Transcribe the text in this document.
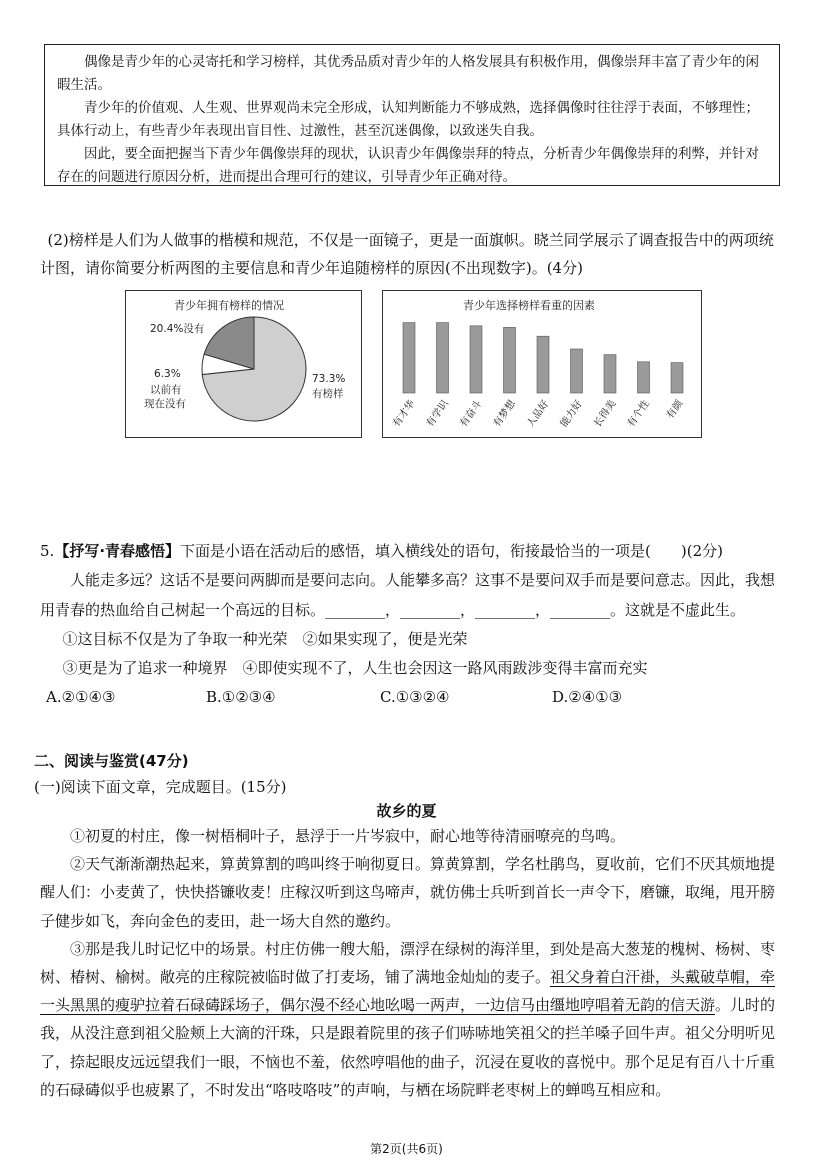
偶像是青少年的心灵寄托和学习榜样，其优秀品质对青少年的人格发展具有积极作用，偶像崇拜丰富了青少年的闲暇生活。

青少年的价值观、人生观、世界观尚未完全形成，认知判断能力不够成熟，选择偶像时往往浮于表面，不够理性；具体行动上，有些青少年表现出盲目性、过激性，甚至沉迷偶像，以致迷失自我。

因此，要全面把握当下青少年偶像崇拜的现状，认识青少年偶像崇拜的特点，分析青少年偶像崇拜的利弊，并针对存在的问题进行原因分析，进而提出合理可行的建议，引导青少年正确对待。

(2)榜样是人们为人做事的楷模和规范，不仅是一面镜子，更是一面旗帜。晓兰同学展示了调查报告中的两项统计图，请你简要分析两图的主要信息和青少年追随榜样的原因(不出现数字)。(4分)

青少年拥有榜样的情况
20.4%没有
6.3%
以前有
现在没有
73.3%
有榜样
青少年选择榜样看重的因素
有才华 有学识 有奋斗 有梦想 人品好 能力好 长得美 有个性 有颜

5.【抒写·青春感悟】下面是小语在活动后的感悟，填入横线处的语句，衔接最恰当的一项是(　　)(2分)

人能走多远？这话不是要问两脚而是要问志向。人能攀多高？这事不是要问双手而是要问意志。因此，我想用青春的热血给自己树起一个高远的目标。________，________，________，________。这就是不虚此生。

①这目标不仅是为了争取一种光荣　②如果实现了，便是光荣

③更是为了追求一种境界　④即使实现不了，人生也会因这一路风雨跋涉变得丰富而充实

A.②①④③	B.①②③④	C.①③②④	D.②④①③

二、阅读与鉴赏(47分)

(一)阅读下面文章，完成题目。(15分)

故乡的夏

①初夏的村庄，像一树梧桐叶子，悬浮于一片岑寂中，耐心地等待清丽嘹亮的鸟鸣。

②天气渐渐潮热起来，算黄算割的鸣叫终于响彻夏日。算黄算割，学名杜鹃鸟，夏收前，它们不厌其烦地提醒人们：小麦黄了，快快搭镰收麦！庄稼汉听到这鸟啼声，就仿佛士兵听到首长一声令下，磨镰，取绳，甩开膀子健步如飞，奔向金色的麦田，赴一场大自然的邀约。

③那是我儿时记忆中的场景。村庄仿佛一艘大船，漂浮在绿树的海洋里，到处是高大葱茏的槐树、杨树、枣树、椿树、榆树。敞亮的庄稼院被临时做了打麦场，铺了满地金灿灿的麦子。祖父身着白汗褂，头戴破草帽，牵一头黑黑的瘦驴拉着石碌碡踩场子，偶尔漫不经心地吆喝一两声，一边信马由缰地哼唱着无韵的信天游。儿时的我，从没注意到祖父脸颊上大滴的汗珠，只是跟着院里的孩子们哧哧地笑祖父的拦羊嗓子回牛声。祖父分明听见了，捺起眼皮远远望我们一眼，不恼也不羞，依然哼唱他的曲子，沉浸在夏收的喜悦中。那个足足有百八十斤重的石碌碡似乎也疲累了，不时发出“咯吱咯吱”的声响，与栖在场院畔老枣树上的蝉鸣互相应和。

第2页(共6页)
